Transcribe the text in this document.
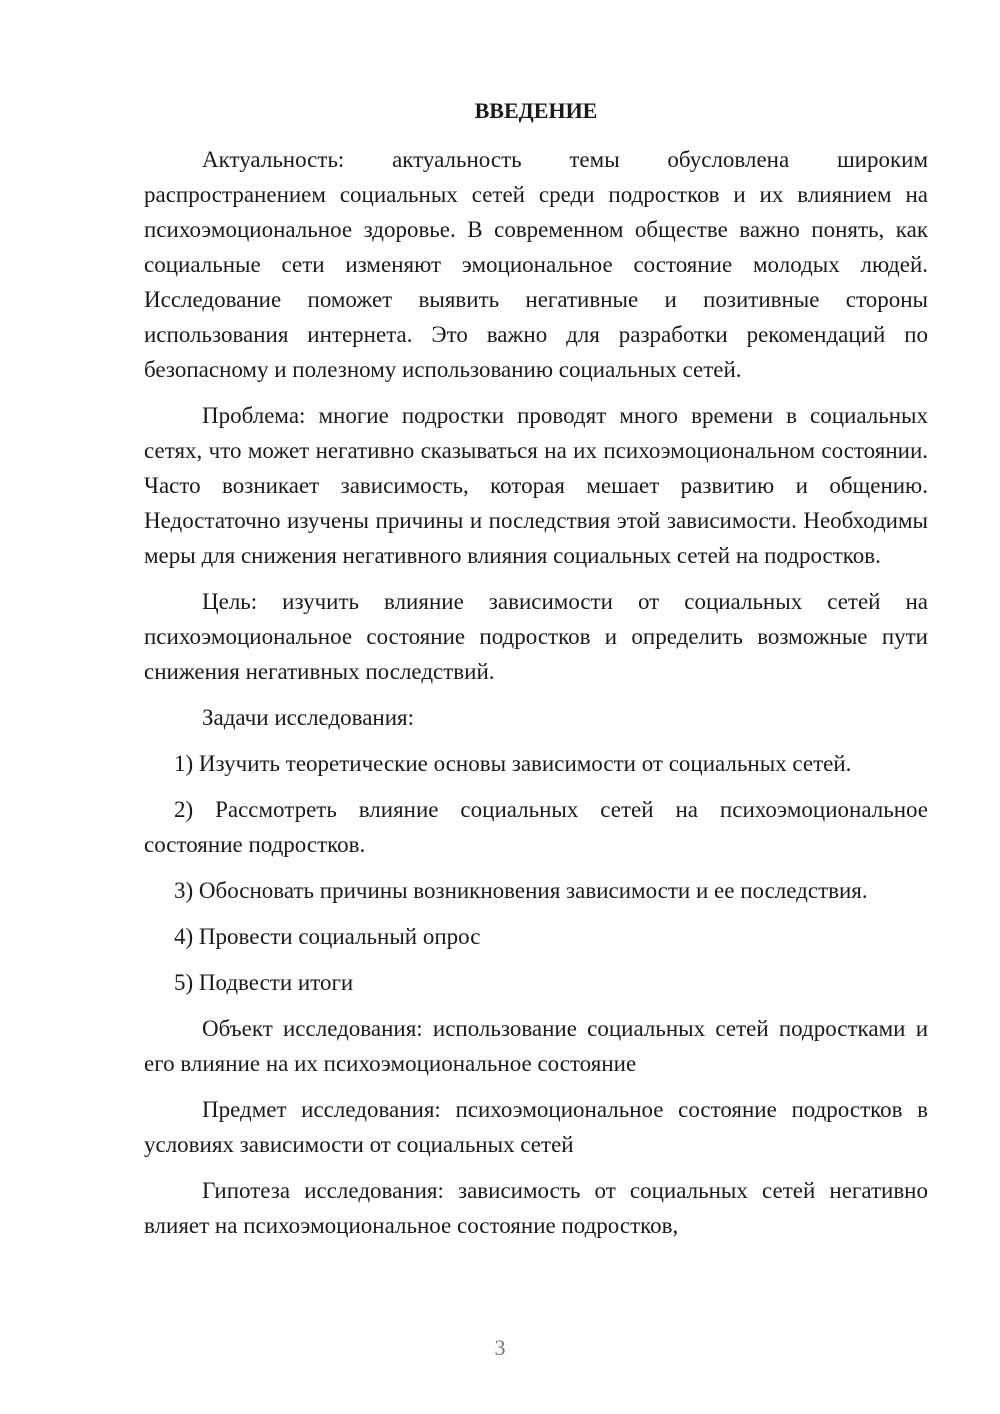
ВВЕДЕНИЕ

Актуальность: актуальность темы обусловлена широким распространением социальных сетей среди подростков и их влиянием на психоэмоциональное здоровье. В современном обществе важно понять, как социальные сети изменяют эмоциональное состояние молодых людей. Исследование поможет выявить негативные и позитивные стороны использования интернета. Это важно для разработки рекомендаций по безопасному и полезному использованию социальных сетей.

Проблема: многие подростки проводят много времени в социальных сетях, что может негативно сказываться на их психоэмоциональном состоянии. Часто возникает зависимость, которая мешает развитию и общению. Недостаточно изучены причины и последствия этой зависимости. Необходимы меры для снижения негативного влияния социальных сетей на подростков.

Цель: изучить влияние зависимости от социальных сетей на психоэмоциональное состояние подростков и определить возможные пути снижения негативных последствий.

Задачи исследования:

1) Изучить теоретические основы зависимости от социальных сетей.

2) Рассмотреть влияние социальных сетей на психоэмоциональное состояние подростков.

3) Обосновать причины возникновения зависимости и ее последствия.

4) Провести социальный опрос

5) Подвести итоги

Объект исследования: использование социальных сетей подростками и его влияние на их психоэмоциональное состояние

Предмет исследования: психоэмоциональное состояние подростков в условиях зависимости от социальных сетей

Гипотеза исследования: зависимость от социальных сетей негативно влияет на психоэмоциональное состояние подростков,

3
